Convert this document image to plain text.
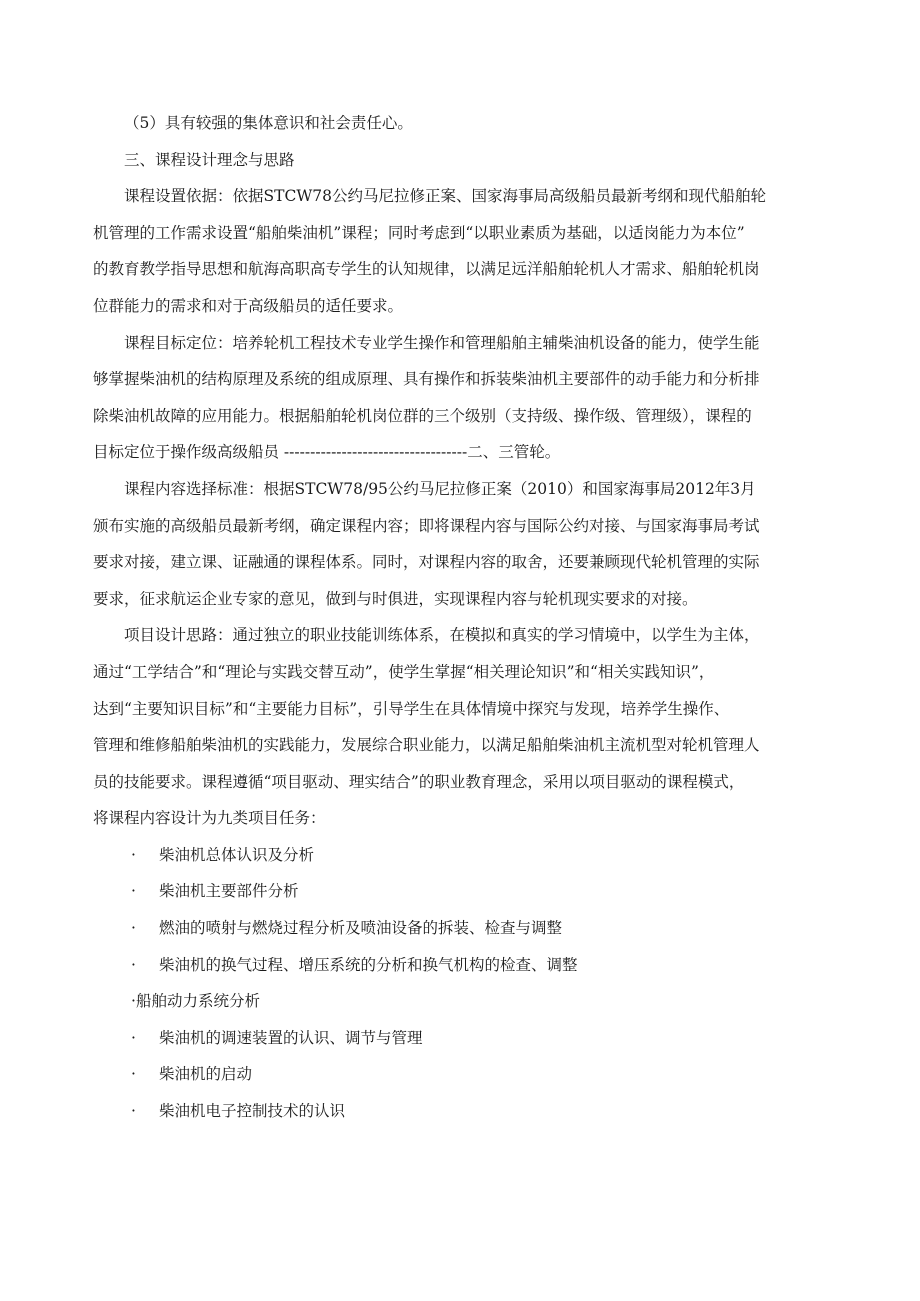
（5）具有较强的集体意识和社会责任心。
三、课程设计理念与思路
课程设置依据：依据STCW78公约马尼拉修正案、国家海事局高级船员最新考纲和现代船舶轮
机管理的工作需求设置“船舶柴油机”课程；同时考虑到“以职业素质为基础，以适岗能力为本位”
的教育教学指导思想和航海高职高专学生的认知规律，以满足远洋船舶轮机人才需求、船舶轮机岗
位群能力的需求和对于高级船员的适任要求。
课程目标定位：培养轮机工程技术专业学生操作和管理船舶主辅柴油机设备的能力，使学生能
够掌握柴油机的结构原理及系统的组成原理、具有操作和拆装柴油机主要部件的动手能力和分析排
除柴油机故障的应用能力。根据船舶轮机岗位群的三个级别（支持级、操作级、管理级），课程的
目标定位于操作级高级船员 -----------------------------------二、三管轮。
课程内容选择标准：根据STCW78/95公约马尼拉修正案（2010）和国家海事局2012年3月
颁布实施的高级船员最新考纲，确定课程内容；即将课程内容与国际公约对接、与国家海事局考试
要求对接，建立课、证融通的课程体系。同时，对课程内容的取舍，还要兼顾现代轮机管理的实际
要求，征求航运企业专家的意见，做到与时俱进，实现课程内容与轮机现实要求的对接。
项目设计思路：通过独立的职业技能训练体系，在模拟和真实的学习情境中，以学生为主体，
通过“工学结合”和“理论与实践交替互动”，使学生掌握“相关理论知识”和“相关实践知识”，
达到“主要知识目标”和“主要能力目标”，引导学生在具体情境中探究与发现，培养学生操作、
管理和维修船舶柴油机的实践能力，发展综合职业能力，以满足船舶柴油机主流机型对轮机管理人
员的技能要求。课程遵循“项目驱动、理实结合”的职业教育理念，采用以项目驱动的课程模式，
将课程内容设计为九类项目任务：
· 柴油机总体认识及分析
· 柴油机主要部件分析
· 燃油的喷射与燃烧过程分析及喷油设备的拆装、检查与调整
· 柴油机的换气过程、增压系统的分析和换气机构的检查、调整
·船舶动力系统分析
· 柴油机的调速装置的认识、调节与管理
· 柴油机的启动
· 柴油机电子控制技术的认识
